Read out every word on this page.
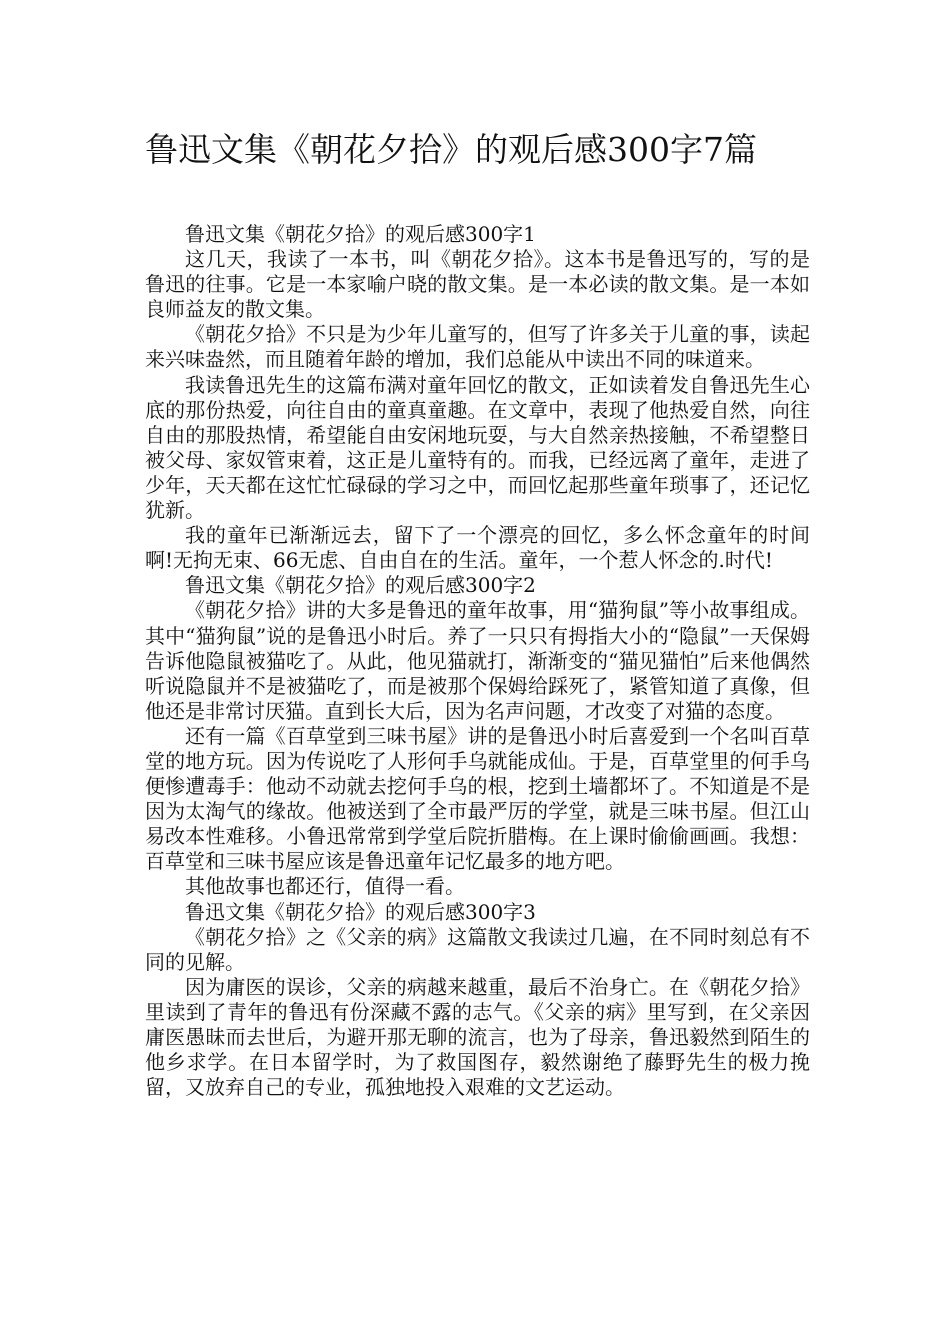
鲁迅文集《朝花夕拾》的观后感300字7篇

鲁迅文集《朝花夕拾》的观后感300字1

这几天，我读了一本书，叫《朝花夕拾》。这本书是鲁迅写的，写的是鲁迅的往事。它是一本家喻户晓的散文集。是一本必读的散文集。是一本如良师益友的散文集。

《朝花夕拾》不只是为少年儿童写的，但写了许多关于儿童的事，读起来兴味盎然，而且随着年龄的增加，我们总能从中读出不同的味道来。

我读鲁迅先生的这篇布满对童年回忆的散文，正如读着发自鲁迅先生心底的那份热爱，向往自由的童真童趣。在文章中，表现了他热爱自然，向往自由的那股热情，希望能自由安闲地玩耍，与大自然亲热接触，不希望整日被父母、家奴管束着，这正是儿童特有的。而我，已经远离了童年，走进了少年，天天都在这忙忙碌碌的学习之中，而回忆起那些童年琐事了，还记忆犹新。

我的童年已渐渐远去，留下了一个漂亮的回忆，多么怀念童年的时间啊!无拘无束、66无虑、自由自在的生活。童年，一个惹人怀念的.时代!

鲁迅文集《朝花夕拾》的观后感300字2

《朝花夕拾》讲的大多是鲁迅的童年故事，用“猫狗鼠”等小故事组成。其中“猫狗鼠”说的是鲁迅小时后。养了一只只有拇指大小的“隐鼠”一天保姆告诉他隐鼠被猫吃了。从此，他见猫就打，渐渐变的“猫见猫怕”后来他偶然听说隐鼠并不是被猫吃了，而是被那个保姆给踩死了，紧管知道了真像，但他还是非常讨厌猫。直到长大后，因为名声问题，才改变了对猫的态度。

还有一篇《百草堂到三味书屋》讲的是鲁迅小时后喜爱到一个名叫百草堂的地方玩。因为传说吃了人形何手乌就能成仙。于是，百草堂里的何手乌便惨遭毒手：他动不动就去挖何手乌的根，挖到土墙都坏了。不知道是不是因为太淘气的缘故。他被送到了全市最严厉的学堂，就是三味书屋。但江山易改本性难移。小鲁迅常常到学堂后院折腊梅。在上课时偷偷画画。我想：百草堂和三味书屋应该是鲁迅童年记忆最多的地方吧。

其他故事也都还行，值得一看。

鲁迅文集《朝花夕拾》的观后感300字3

《朝花夕拾》之《父亲的病》这篇散文我读过几遍，在不同时刻总有不同的见解。

因为庸医的误诊，父亲的病越来越重，最后不治身亡。在《朝花夕拾》里读到了青年的鲁迅有份深藏不露的志气。《父亲的病》里写到，在父亲因庸医愚昧而去世后，为避开那无聊的流言，也为了母亲，鲁迅毅然到陌生的他乡求学。在日本留学时，为了救国图存，毅然谢绝了藤野先生的极力挽留，又放弃自己的专业，孤独地投入艰难的文艺运动。
